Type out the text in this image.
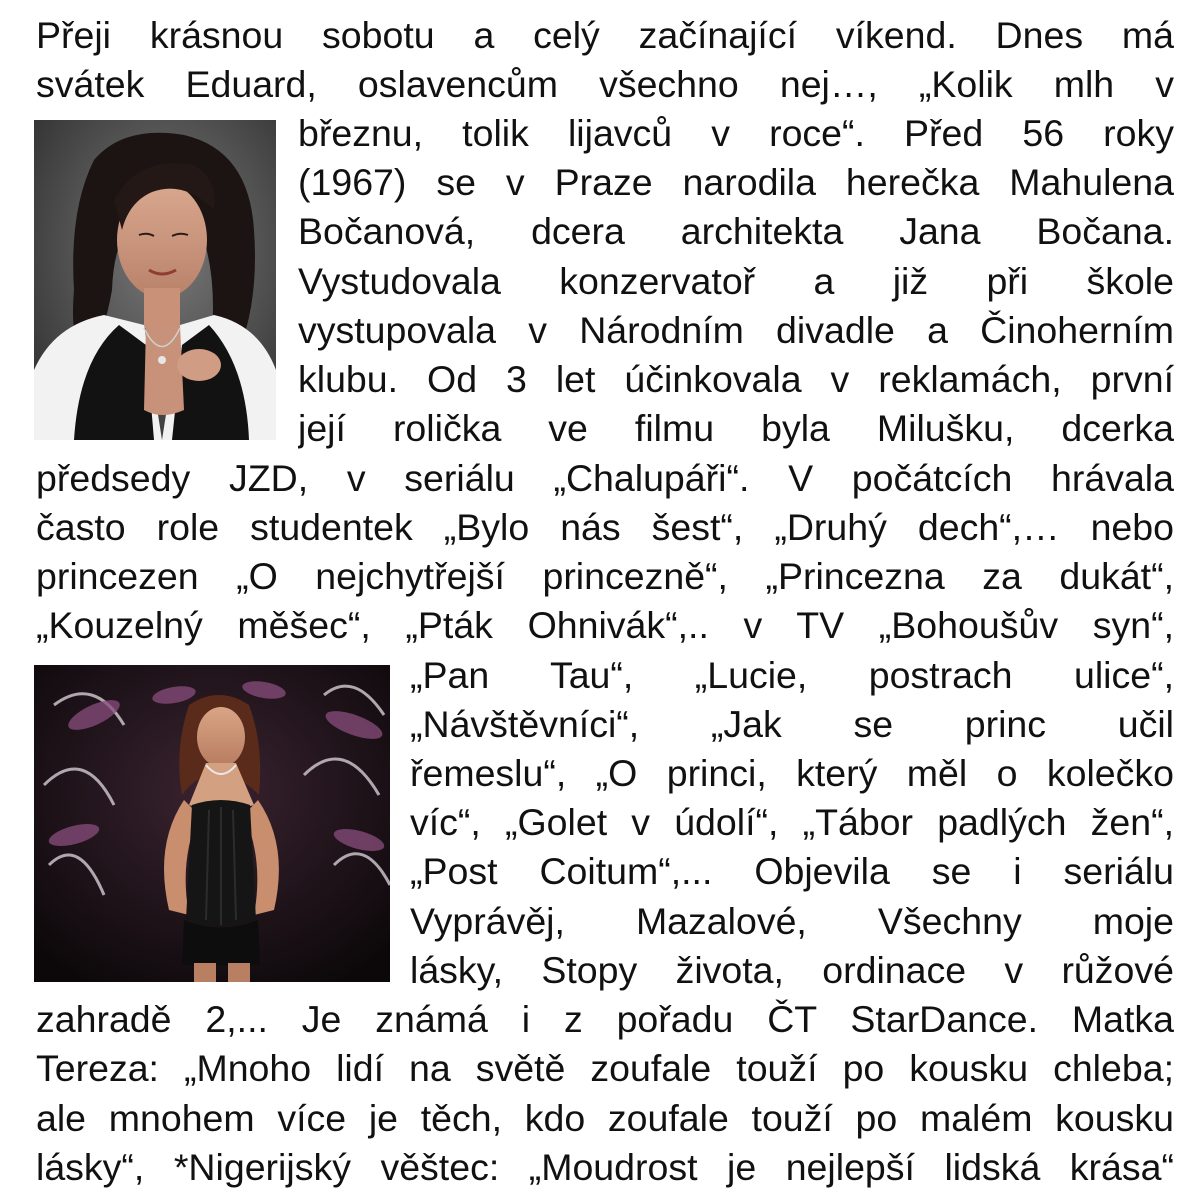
Přeji krásnou sobotu a celý začínající víkend. Dnes má
svátek Eduard, oslavencům všechno nej…, „Kolik mlh v
březnu, tolik lijavců v roce“. Před 56 roky
(1967) se v Praze narodila herečka Mahulena
Bočanová, dcera architekta Jana Bočana.
Vystudovala konzervatoř a již při škole
vystupovala v Národním divadle a Činoherním
klubu. Od 3 let účinkovala v reklamách, první
její rolička ve filmu byla Milušku, dcerka
předsedy JZD, v seriálu „Chalupáři“. V počátcích hrávala
často role studentek „Bylo nás šest“, „Druhý dech“,… nebo
princezen „O nejchytřejší princezně“, „Princezna za dukát“,
„Kouzelný měšec“, „Pták Ohnivák“,.. v TV „Bohoušův syn“,
„Pan Tau“, „Lucie, postrach ulice“,
„Návštěvníci“, „Jak se princ učil
řemeslu“, „O princi, který měl o kolečko
víc“, „Golet v údolí“, „Tábor padlých žen“,
„Post Coitum“,... Objevila se i seriálu
Vyprávěj, Mazalové, Všechny moje
lásky, Stopy života, ordinace v růžové
zahradě 2,... Je známá i z pořadu ČT StarDance. Matka
Tereza: „Mnoho lidí na světě zoufale touží po kousku chleba;
ale mnohem více je těch, kdo zoufale touží po malém kousku
lásky“, *Nigerijský věštec: „Moudrost je nejlepší lidská krása“
